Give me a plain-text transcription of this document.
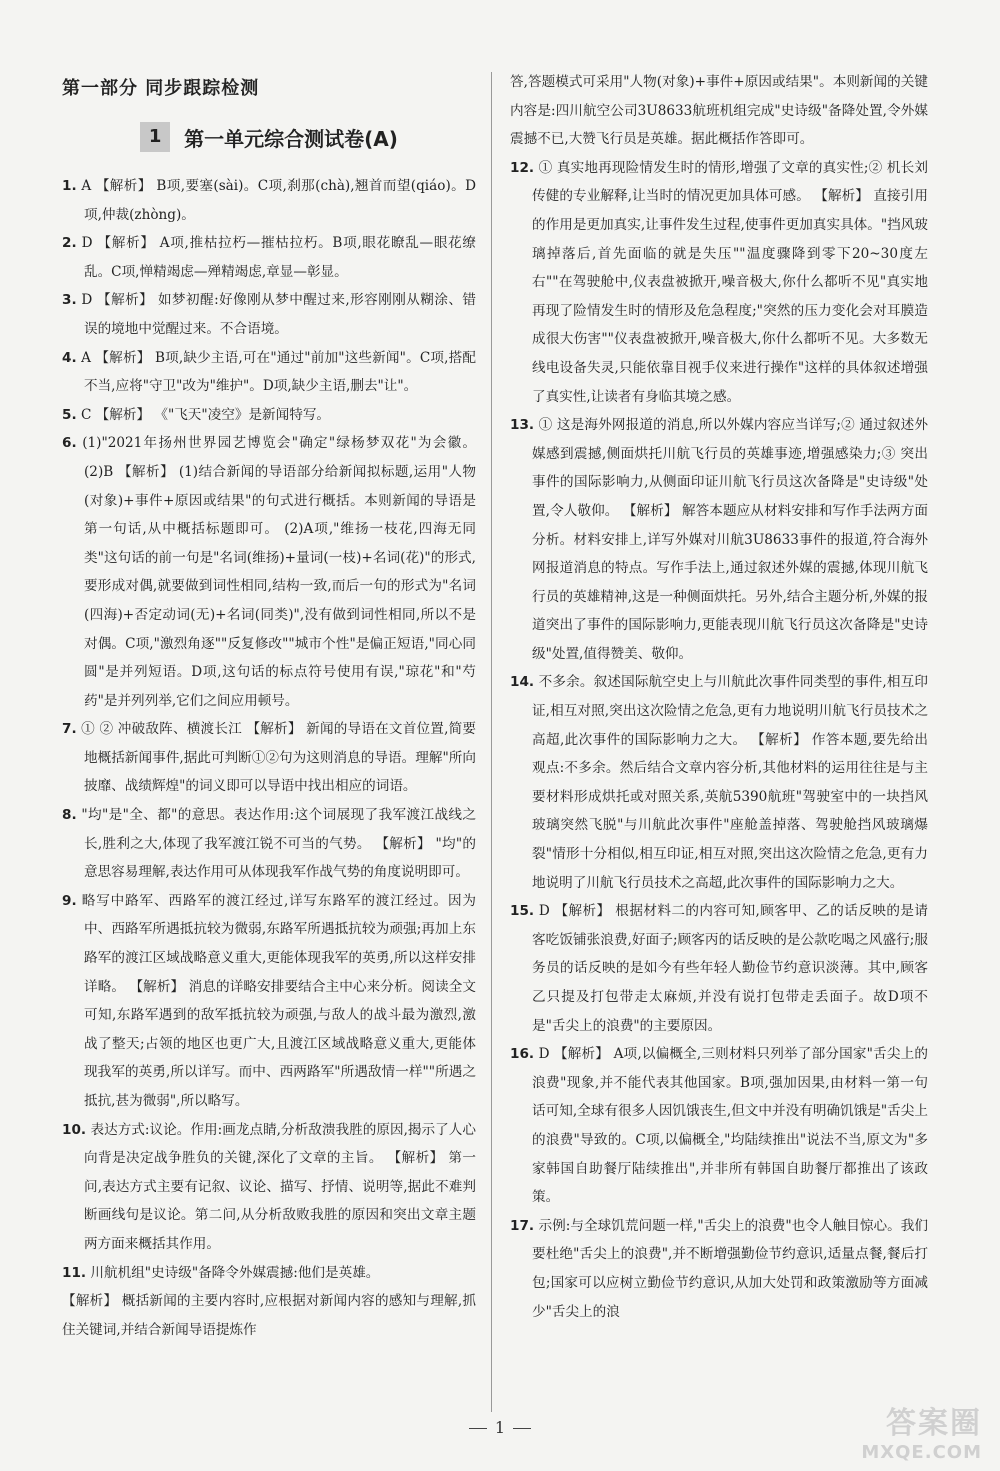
第一部分 同步跟踪检测
1	第一单元综合测试卷(A)

1. A 【解析】 B项,要塞(sài)。C项,刹那(chà),翘首而望(qiáo)。D项,仲裁(zhòng)。

2. D 【解析】 A项,推枯拉朽—摧枯拉朽。B项,眼花瞭乱—眼花缭乱。C项,惮精竭虑—殚精竭虑,章显—彰显。

3. D 【解析】 如梦初醒:好像刚从梦中醒过来,形容刚刚从糊涂、错误的境地中觉醒过来。不合语境。

4. A 【解析】 B项,缺少主语,可在"通过"前加"这些新闻"。C项,搭配不当,应将"守卫"改为"维护"。D项,缺少主语,删去"让"。

5. C 【解析】 《"飞天"凌空》是新闻特写。

6. (1)"2021年扬州世界园艺博览会"确定"绿杨梦双花"为会徽。 (2)B 【解析】 (1)结合新闻的导语部分给新闻拟标题,运用"人物(对象)+事件+原因或结果"的句式进行概括。本则新闻的导语是第一句话,从中概括标题即可。 (2)A项,"维扬一枝花,四海无同类"这句话的前一句是"名词(维扬)+量词(一枝)+名词(花)"的形式,要形成对偶,就要做到词性相同,结构一致,而后一句的形式为"名词(四海)+否定动词(无)+名词(同类)",没有做到词性相同,所以不是对偶。C项,"激烈角逐""反复修改""城市个性"是偏正短语,"同心同圆"是并列短语。D项,这句话的标点符号使用有误,"琼花"和"芍药"是并列列举,它们之间应用顿号。

7. ① ② 冲破敌阵、横渡长江 【解析】 新闻的导语在文首位置,简要地概括新闻事件,据此可判断①②句为这则消息的导语。理解"所向披靡、战绩辉煌"的词义即可以导语中找出相应的词语。

8. "均"是"全、都"的意思。表达作用:这个词展现了我军渡江战线之长,胜利之大,体现了我军渡江锐不可当的气势。 【解析】 "均"的意思容易理解,表达作用可从体现我军作战气势的角度说明即可。

9. 略写中路军、西路军的渡江经过,详写东路军的渡江经过。因为中、西路军所遇抵抗较为微弱,东路军所遇抵抗较为顽强;再加上东路军的渡江区域战略意义重大,更能体现我军的英勇,所以这样安排详略。 【解析】 消息的详略安排要结合主中心来分析。阅读全文可知,东路军遇到的敌军抵抗较为顽强,与敌人的战斗最为激烈,激战了整天;占领的地区也更广大,且渡江区域战略意义重大,更能体现我军的英勇,所以详写。而中、西两路军"所遇敌情一样""所遇之抵抗,甚为微弱",所以略写。

10. 表达方式:议论。作用:画龙点睛,分析敌溃我胜的原因,揭示了人心向背是决定战争胜负的关键,深化了文章的主旨。 【解析】 第一问,表达方式主要有记叙、议论、描写、抒情、说明等,据此不难判断画线句是议论。第二问,从分析敌败我胜的原因和突出文章主题两方面来概括其作用。

11. 川航机组"史诗级"备降令外媒震撼:他们是英雄。

【解析】 概括新闻的主要内容时,应根据对新闻内容的感知与理解,抓住关键词,并结合新闻导语提炼作

答,答题模式可采用"人物(对象)+事件+原因或结果"。本则新闻的关键内容是:四川航空公司3U8633航班机组完成"史诗级"备降处置,令外媒震撼不已,大赞飞行员是英雄。据此概括作答即可。

12. ① 真实地再现险情发生时的情形,增强了文章的真实性;② 机长刘传健的专业解释,让当时的情况更加具体可感。 【解析】 直接引用的作用是更加真实,让事件发生过程,使事件更加真实具体。"挡风玻璃掉落后,首先面临的就是失压""温度骤降到零下20~30度左右""在驾驶舱中,仪表盘被掀开,噪音极大,你什么都听不见"真实地再现了险情发生时的情形及危急程度;"突然的压力变化会对耳膜造成很大伤害""仪表盘被掀开,噪音极大,你什么都听不见。大多数无线电设备失灵,只能依靠目视手仪来进行操作"这样的具体叙述增强了真实性,让读者有身临其境之感。

13. ① 这是海外网报道的消息,所以外媒内容应当详写;② 通过叙述外媒感到震撼,侧面烘托川航飞行员的英雄事迹,增强感染力;③ 突出事件的国际影响力,从侧面印证川航飞行员这次备降是"史诗级"处置,令人敬仰。 【解析】 解答本题应从材料安排和写作手法两方面分析。材料安排上,详写外媒对川航3U8633事件的报道,符合海外网报道消息的特点。写作手法上,通过叙述外媒的震撼,体现川航飞行员的英雄精神,这是一种侧面烘托。另外,结合主题分析,外媒的报道突出了事件的国际影响力,更能表现川航飞行员这次备降是"史诗级"处置,值得赞美、敬仰。

14. 不多余。叙述国际航空史上与川航此次事件同类型的事件,相互印证,相互对照,突出这次险情之危急,更有力地说明川航飞行员技术之高超,此次事件的国际影响力之大。 【解析】 作答本题,要先给出观点:不多余。然后结合文章内容分析,其他材料的运用往往是与主要材料形成烘托或对照关系,英航5390航班"驾驶室中的一块挡风玻璃突然飞脱"与川航此次事件"座舱盖掉落、驾驶舱挡风玻璃爆裂"情形十分相似,相互印证,相互对照,突出这次险情之危急,更有力地说明了川航飞行员技术之高超,此次事件的国际影响力之大。

15. D 【解析】 根据材料二的内容可知,顾客甲、乙的话反映的是请客吃饭铺张浪费,好面子;顾客丙的话反映的是公款吃喝之风盛行;服务员的话反映的是如今有些年轻人勤俭节约意识淡薄。其中,顾客乙只提及打包带走太麻烦,并没有说打包带走丢面子。故D项不是"舌尖上的浪费"的主要原因。

16. D 【解析】 A项,以偏概全,三则材料只列举了部分国家"舌尖上的浪费"现象,并不能代表其他国家。B项,强加因果,由材料一第一句话可知,全球有很多人因饥饿丧生,但文中并没有明确饥饿是"舌尖上的浪费"导致的。C项,以偏概全,"均陆续推出"说法不当,原文为"多家韩国自助餐厅陆续推出",并非所有韩国自助餐厅都推出了该政策。

17. 示例:与全球饥荒问题一样,"舌尖上的浪费"也令人触目惊心。我们要杜绝"舌尖上的浪费",并不断增强勤俭节约意识,适量点餐,餐后打包;国家可以应树立勤俭节约意识,从加大处罚和政策激励等方面减少"舌尖上的浪

1	答案圈
MXQE.COM
